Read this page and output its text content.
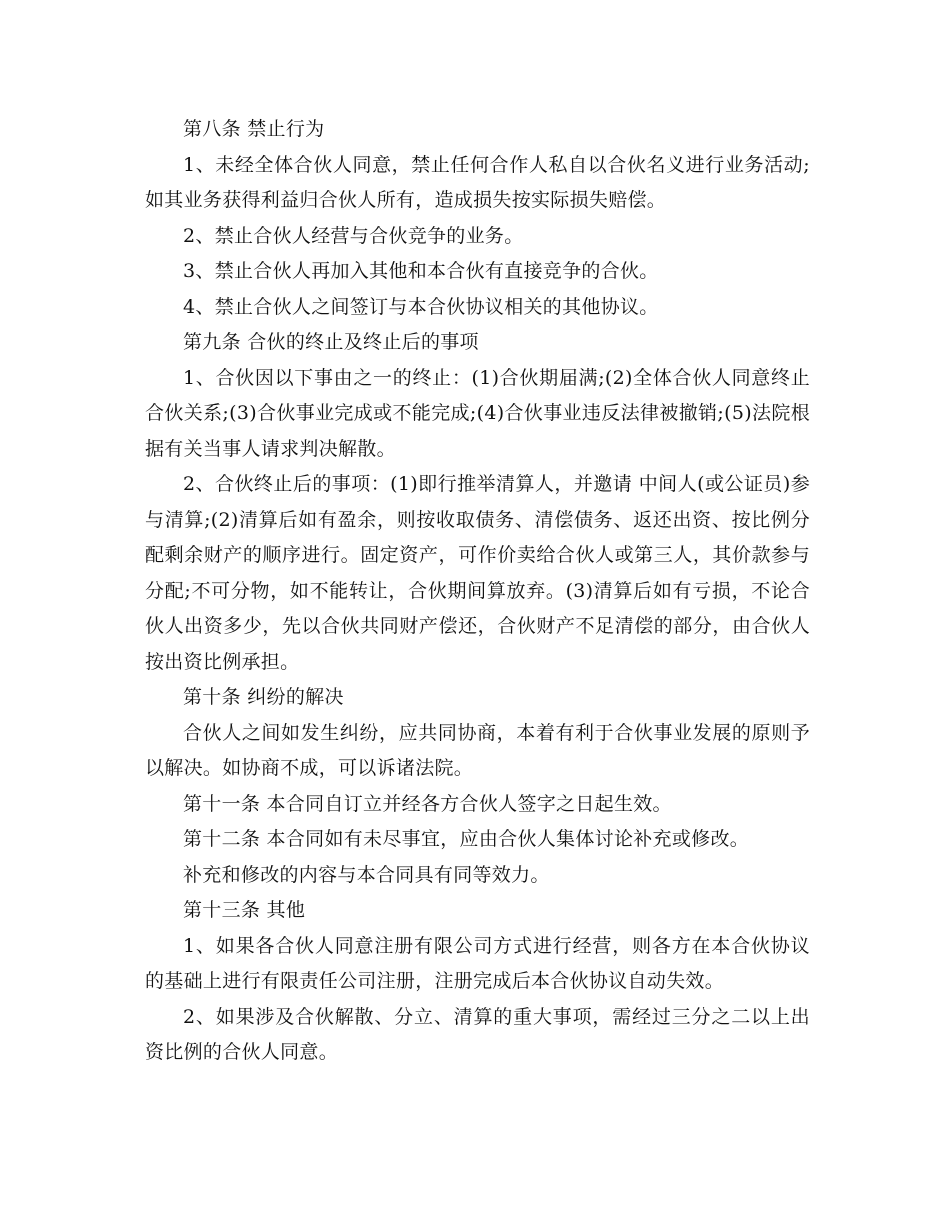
第八条 禁止行为

1、未经全体合伙人同意，禁止任何合作人私自以合伙名义进行业务活动;如其业务获得利益归合伙人所有，造成损失按实际损失赔偿。

2、禁止合伙人经营与合伙竞争的业务。

3、禁止合伙人再加入其他和本合伙有直接竞争的合伙。

4、禁止合伙人之间签订与本合伙协议相关的其他协议。

第九条 合伙的终止及终止后的事项

1、合伙因以下事由之一的终止：(1)合伙期届满;(2)全体合伙人同意终止合伙关系;(3)合伙事业完成或不能完成;(4)合伙事业违反法律被撤销;(5)法院根据有关当事人请求判决解散。

2、合伙终止后的事项：(1)即行推举清算人，并邀请 中间人(或公证员)参与清算;(2)清算后如有盈余，则按收取债务、清偿债务、返还出资、按比例分配剩余财产的顺序进行。固定资产，可作价卖给合伙人或第三人，其价款参与分配;不可分物，如不能转让，合伙期间算放弃。(3)清算后如有亏损，不论合伙人出资多少，先以合伙共同财产偿还，合伙财产不足清偿的部分，由合伙人按出资比例承担。

第十条 纠纷的解决

合伙人之间如发生纠纷，应共同协商，本着有利于合伙事业发展的原则予以解决。如协商不成，可以诉诸法院。

第十一条 本合同自订立并经各方合伙人签字之日起生效。

第十二条 本合同如有未尽事宜，应由合伙人集体讨论补充或修改。

补充和修改的内容与本合同具有同等效力。

第十三条 其他

1、如果各合伙人同意注册有限公司方式进行经营，则各方在本合伙协议的基础上进行有限责任公司注册，注册完成后本合伙协议自动失效。

2、如果涉及合伙解散、分立、清算的重大事项，需经过三分之二以上出资比例的合伙人同意。
